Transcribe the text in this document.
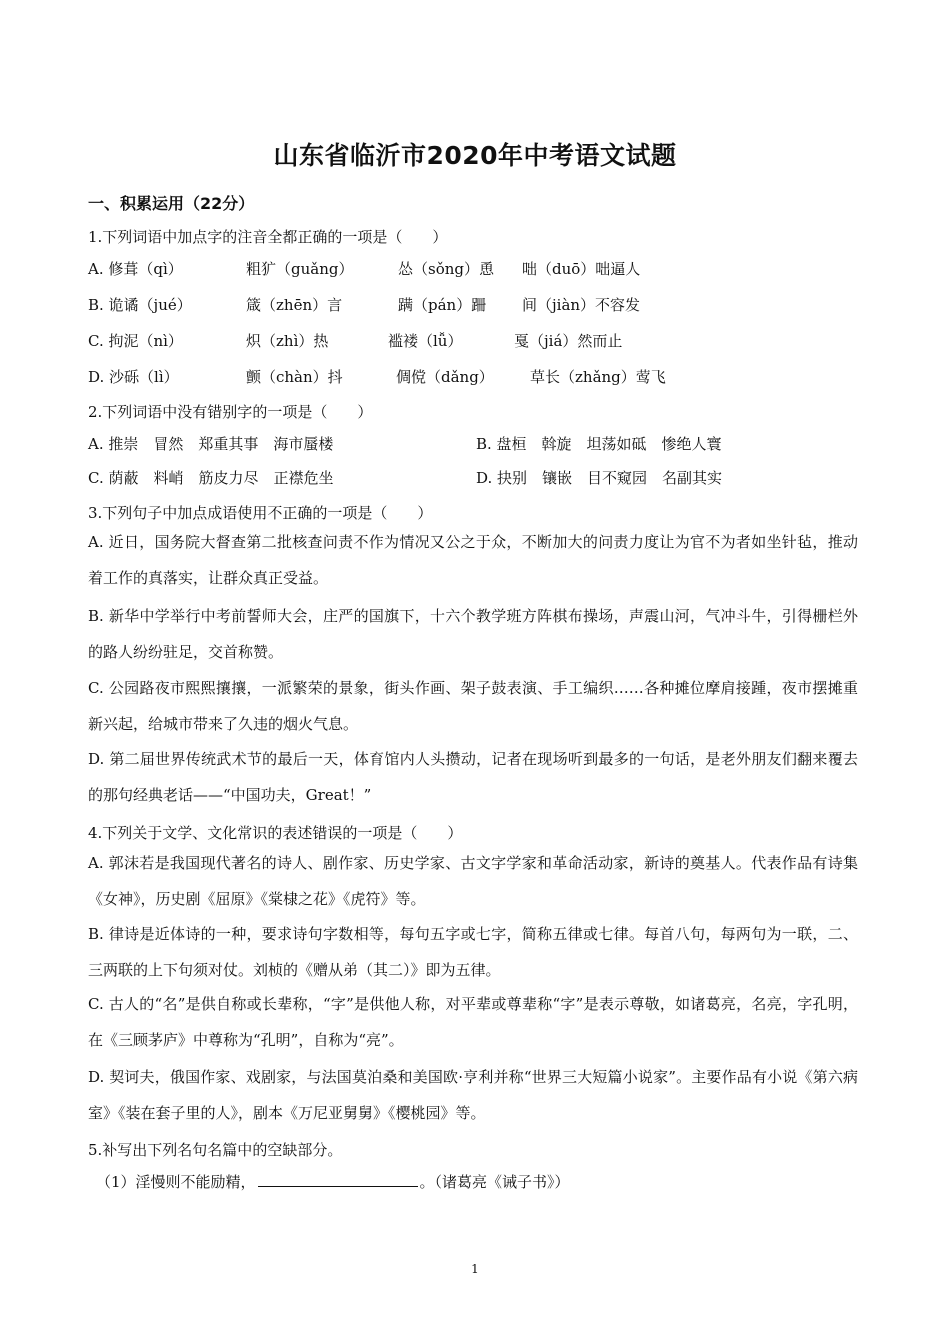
山东省临沂市2020年中考语文试题
一、积累运用（22分）
1.下列词语中加点字的注音全都正确的一项是（　　）
A. 修葺（qì）	粗犷（guǎng）	怂（sǒng）恿 咄（duō）咄逼人
B. 诡谲（jué）	箴（zhēn）言	蹒（pán）跚 间（jiàn）不容发
C. 拘泥（nì）	炽（zhì）热	褴褛（lǚ）	戛（jiá）然而止
D. 沙砾（lì）	颤（chàn）抖	倜傥（dǎng） 草长（zhǎng）莺飞
2.下列词语中没有错别字的一项是（　　）
A. 推崇　冒然　郑重其事　海市蜃楼	B. 盘桓　斡旋　坦荡如砥　惨绝人寰
C. 荫蔽　料峭　筋皮力尽　正襟危坐	D. 抉别　镶嵌　目不窥园　名副其实
3.下列句子中加点成语使用不正确的一项是（　　）
A. 近日，国务院大督查第二批核查问责不作为情况又公之于众，不断加大的问责力度让为官不为者如坐针毡，推动着工作的真落实，让群众真正受益。
B. 新华中学举行中考前誓师大会，庄严的国旗下，十六个教学班方阵棋布操场，声震山河，气冲斗牛，引得栅栏外的路人纷纷驻足，交首称赞。
C. 公园路夜市熙熙攘攘，一派繁荣的景象，街头作画、架子鼓表演、手工编织……各种摊位摩肩接踵，夜市摆摊重新兴起，给城市带来了久违的烟火气息。
D. 第二届世界传统武术节的最后一天，体育馆内人头攒动，记者在现场听到最多的一句话，是老外朋友们翻来覆去的那句经典老话——“中国功夫，Great！”
4.下列关于文学、文化常识的表述错误的一项是（　　）
A. 郭沫若是我国现代著名的诗人、剧作家、历史学家、古文字学家和革命活动家，新诗的奠基人。代表作品有诗集《女神》，历史剧《屈原》《棠棣之花》《虎符》等。
B. 律诗是近体诗的一种，要求诗句字数相等，每句五字或七字，简称五律或七律。每首八句，每两句为一联，二、三两联的上下句须对仗。刘桢的《赠从弟（其二）》即为五律。
C. 古人的“名”是供自称或长辈称，“字”是供他人称，对平辈或尊辈称“字”是表示尊敬，如诸葛亮，名亮，字孔明，在《三顾茅庐》中尊称为“孔明”，自称为“亮”。
D. 契诃夫，俄国作家、戏剧家，与法国莫泊桑和美国欧·亨利并称“世界三大短篇小说家”。主要作品有小说《第六病室》《装在套子里的人》，剧本《万尼亚舅舅》《樱桃园》等。
5.补写出下列名句名篇中的空缺部分。
（1）淫慢则不能励精，	。（诸葛亮《诫子书》）
1
